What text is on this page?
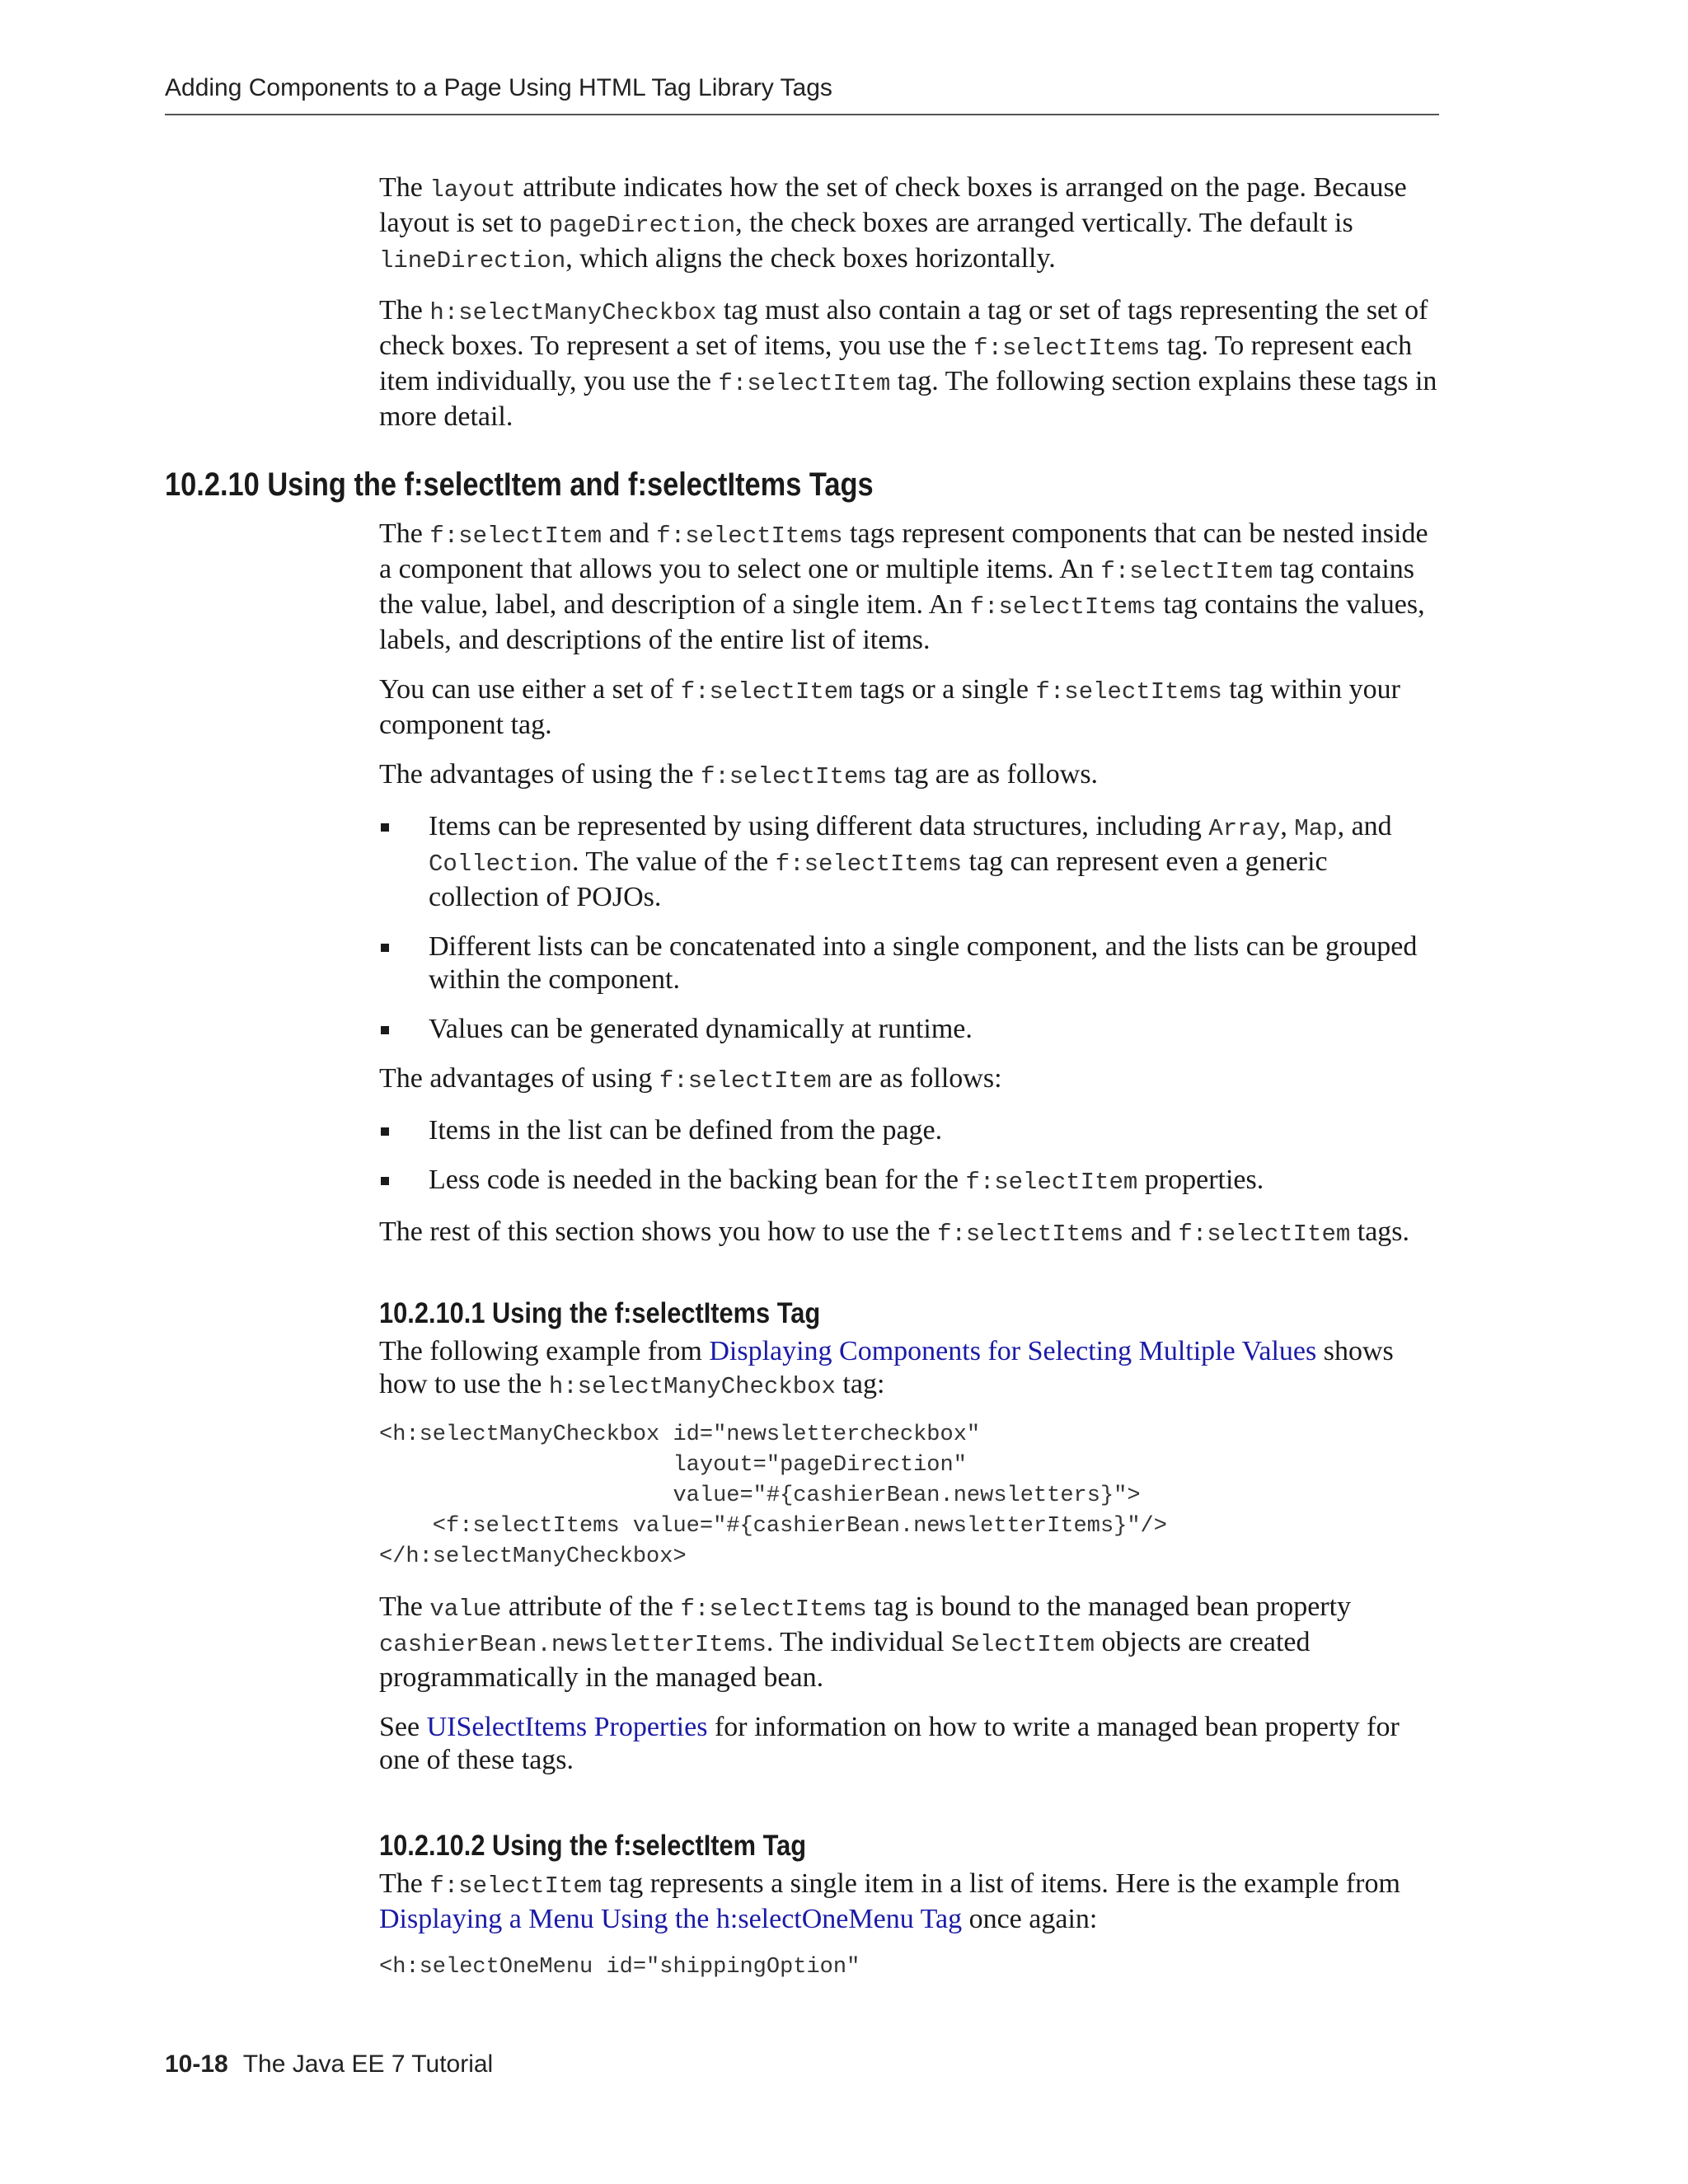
Adding Components to a Page Using HTML Tag Library Tags

The layout attribute indicates how the set of check boxes is arranged on the page. Because layout is set to pageDirection, the check boxes are arranged vertically. The default is lineDirection, which aligns the check boxes horizontally.

The h:selectManyCheckbox tag must also contain a tag or set of tags representing the set of check boxes. To represent a set of items, you use the f:selectItems tag. To represent each item individually, you use the f:selectItem tag. The following section explains these tags in more detail.

10.2.10 Using the f:selectItem and f:selectItems Tags

The f:selectItem and f:selectItems tags represent components that can be nested inside a component that allows you to select one or multiple items. An f:selectItem tag contains the value, label, and description of a single item. An f:selectItems tag contains the values, labels, and descriptions of the entire list of items.

You can use either a set of f:selectItem tags or a single f:selectItems tag within your component tag.

The advantages of using the f:selectItems tag are as follows.

Items can be represented by using different data structures, including Array, Map, and Collection. The value of the f:selectItems tag can represent even a generic collection of POJOs.
Different lists can be concatenated into a single component, and the lists can be grouped within the component.
Values can be generated dynamically at runtime.

The advantages of using f:selectItem are as follows:

Items in the list can be defined from the page.
Less code is needed in the backing bean for the f:selectItem properties.

The rest of this section shows you how to use the f:selectItems and f:selectItem tags.

10.2.10.1 Using the f:selectItems Tag

The following example from Displaying Components for Selecting Multiple Values shows how to use the h:selectManyCheckbox tag:

<h:selectManyCheckbox id="newslettercheckbox"
layout="pageDirection"
value="#{cashierBean.newsletters}">
<f:selectItems value="#{cashierBean.newsletterItems}"/>
</h:selectManyCheckbox>

The value attribute of the f:selectItems tag is bound to the managed bean property cashierBean.newsletterItems. The individual SelectItem objects are created programmatically in the managed bean.

See UISelectItems Properties for information on how to write a managed bean property for one of these tags.

10.2.10.2 Using the f:selectItem Tag

The f:selectItem tag represents a single item in a list of items. Here is the example from Displaying a Menu Using the h:selectOneMenu Tag once again:

<h:selectOneMenu id="shippingOption"
10-18 The Java EE 7 Tutorial
